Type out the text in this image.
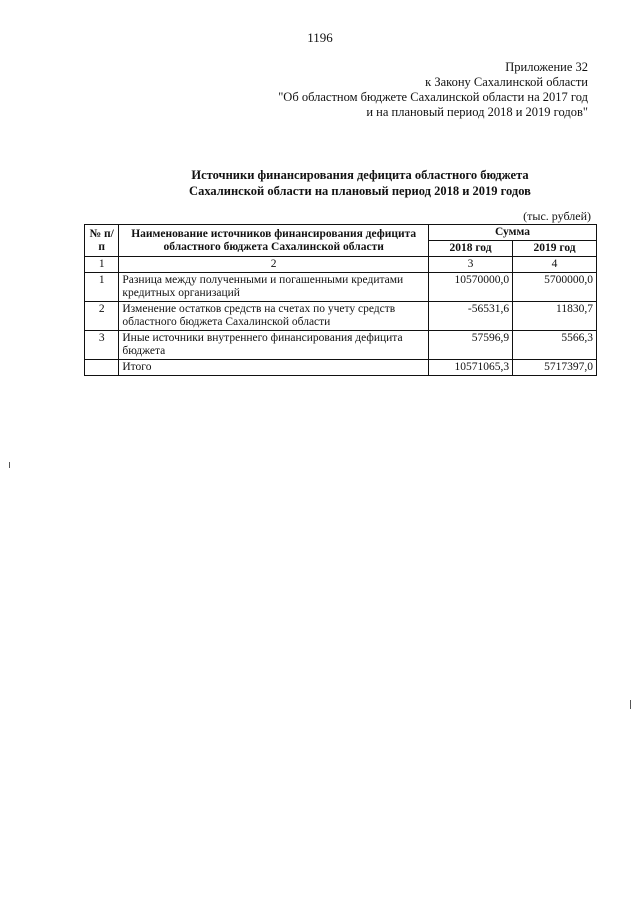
1196
Приложение 32
к Закону Сахалинской области
"Об областном бюджете Сахалинской области на 2017 год
и на плановый период 2018 и 2019 годов"
Источники финансирования дефицита областного бюджета
Сахалинской области на плановый период 2018 и 2019 годов
(тыс. рублей)
№ п/п	Наименование источников финансирования дефицита областного бюджета Сахалинской области	Сумма	
		2018 год	2019 год
1	2	3	4
1	Разница между полученными и погашенными кредитами кредитных организаций	10570000,0	5700000,0
2	Изменение остатков средств на счетах по учету средств областного бюджета Сахалинской области	-56531,6	11830,7
3	Иные источники внутреннего финансирования дефицита бюджета	57596,9	5566,3
	Итого	10571065,3	5717397,0
